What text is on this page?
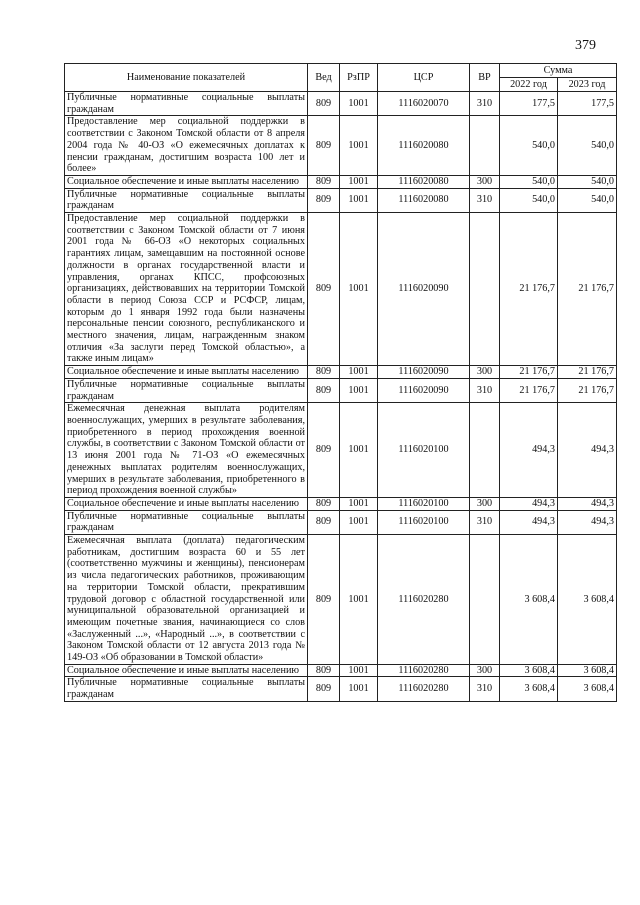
379
Наименование показателей	Вед	РзПР	ЦСР	ВР	Сумма	
					2022 год	2023 год
Публичные нормативные социальные выплаты гражданам	809	1001	1116020070	310	177,5	177,5
Предоставление мер социальной поддержки в соответствии с Законом Томской области от 8 апреля 2004 года № 40-ОЗ «О ежемесячных доплатах к пенсии гражданам, достигшим возраста 100 лет и более»	809	1001	1116020080		540,0	540,0
Социальное обеспечение и иные выплаты населению	809	1001	1116020080	300	540,0	540,0
Публичные нормативные социальные выплаты гражданам	809	1001	1116020080	310	540,0	540,0
Предоставление мер социальной поддержки в соответствии с Законом Томской области от 7 июня 2001 года № 66-ОЗ «О некоторых социальных гарантиях лицам, замещавшим на постоянной основе должности в органах государственной власти и управления, органах КПСС, профсоюзных организациях, действовавших на территории Томской области в период Союза ССР и РСФСР, лицам, которым до 1 января 1992 года были назначены персональные пенсии союзного, республиканского и местного значения, лицам, награжденным знаком отличия «За заслуги перед Томской областью», а также иным лицам»	809	1001	1116020090		21 176,7	21 176,7
Социальное обеспечение и иные выплаты населению	809	1001	1116020090	300	21 176,7	21 176,7
Публичные нормативные социальные выплаты гражданам	809	1001	1116020090	310	21 176,7	21 176,7
Ежемесячная денежная выплата родителям военнослужащих, умерших в результате заболевания, приобретенного в период прохождения военной службы, в соответствии с Законом Томской области от 13 июня 2001 года № 71-ОЗ «О ежемесячных денежных выплатах родителям военнослужащих, умерших в результате заболевания, приобретенного в период прохождения военной службы»	809	1001	1116020100		494,3	494,3
Социальное обеспечение и иные выплаты населению	809	1001	1116020100	300	494,3	494,3
Публичные нормативные социальные выплаты гражданам	809	1001	1116020100	310	494,3	494,3
Ежемесячная выплата (доплата) педагогическим работникам, достигшим возраста 60 и 55 лет (соответственно мужчины и женщины), пенсионерам из числа педагогических работников, проживающим на территории Томской области, прекратившим трудовой договор с областной государственной или муниципальной образовательной организацией и имеющим почетные звания, начинающиеся со слов «Заслуженный ...», «Народный ...», в соответствии с Законом Томской области от 12 августа 2013 года № 149-ОЗ «Об образовании в Томской области»	809	1001	1116020280		3 608,4	3 608,4
Социальное обеспечение и иные выплаты населению	809	1001	1116020280	300	3 608,4	3 608,4
Публичные нормативные социальные выплаты гражданам	809	1001	1116020280	310	3 608,4	3 608,4
